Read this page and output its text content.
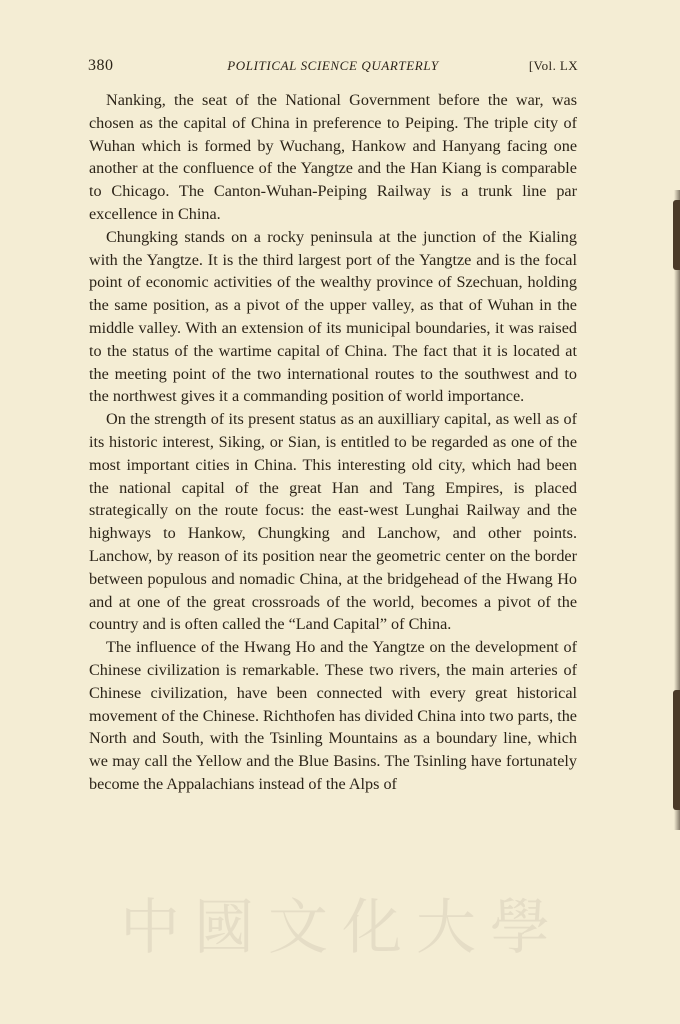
380	POLITICAL SCIENCE QUARTERLY	[Vol. LX

Nanking, the seat of the National Government before the war, was chosen as the capital of China in preference to Peiping. The triple city of Wuhan which is formed by Wuchang, Hankow and Hanyang facing one another at the confluence of the Yangtze and the Han Kiang is comparable to Chicago. The Canton-Wuhan-Peiping Railway is a trunk line par excellence in China.

Chungking stands on a rocky peninsula at the junction of the Kialing with the Yangtze. It is the third largest port of the Yangtze and is the focal point of economic activities of the wealthy province of Szechuan, holding the same position, as a pivot of the upper valley, as that of Wuhan in the middle valley. With an extension of its municipal boundaries, it was raised to the status of the wartime capital of China. The fact that it is located at the meeting point of the two international routes to the southwest and to the northwest gives it a commanding position of world importance.

On the strength of its present status as an auxilliary capital, as well as of its historic interest, Siking, or Sian, is entitled to be regarded as one of the most important cities in China. This interesting old city, which had been the national capital of the great Han and Tang Empires, is placed strategically on the route focus: the east-west Lunghai Railway and the highways to Hankow, Chungking and Lanchow, and other points. Lanchow, by reason of its position near the geometric center on the border between populous and nomadic China, at the bridgehead of the Hwang Ho and at one of the great crossroads of the world, becomes a pivot of the country and is often called the “Land Capital” of China.

The influence of the Hwang Ho and the Yangtze on the development of Chinese civilization is remarkable. These two rivers, the main arteries of Chinese civilization, have been connected with every great historical movement of the Chinese. Richthofen has divided China into two parts, the North and South, with the Tsinling Mountains as a boundary line, which we may call the Yellow and the Blue Basins. The Tsinling have fortunately become the Appalachians instead of the Alps of

中國文化大學
